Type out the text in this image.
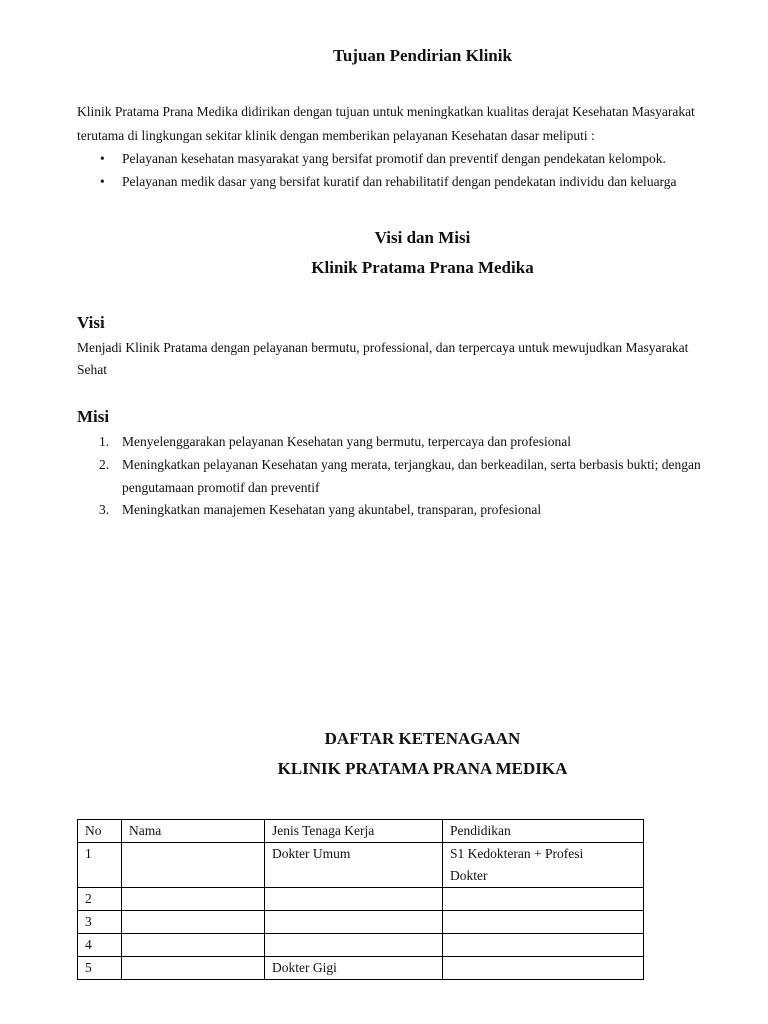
Tujuan Pendirian Klinik
Klinik Pratama Prana Medika didirikan dengan tujuan untuk meningkatkan kualitas derajat Kesehatan Masyarakat
terutama di lingkungan sekitar klinik dengan memberikan pelayanan Kesehatan dasar meliputi :
• Pelayanan kesehatan masyarakat yang bersifat promotif dan preventif dengan pendekatan kelompok.
• Pelayanan medik dasar yang bersifat kuratif dan rehabilitatif dengan pendekatan individu dan keluarga
Visi dan Misi
Klinik Pratama Prana Medika
Visi
Menjadi Klinik Pratama dengan pelayanan bermutu, professional, dan terpercaya untuk mewujudkan Masyarakat
Sehat
Misi
1. Menyelenggarakan pelayanan Kesehatan yang bermutu, terpercaya dan profesional
2. Meningkatkan pelayanan Kesehatan yang merata, terjangkau, dan berkeadilan, serta berbasis bukti; dengan
pengutamaan promotif dan preventif
3. Meningkatkan manajemen Kesehatan yang akuntabel, transparan, profesional
DAFTAR KETENAGAAN
KLINIK PRATAMA PRANA MEDIKA
No	Nama	Jenis Tenaga Kerja	Pendidikan
1		Dokter Umum	S1 Kedokteran + Profesi
Dokter

2			
3			
4			
5		Dokter Gigi	
